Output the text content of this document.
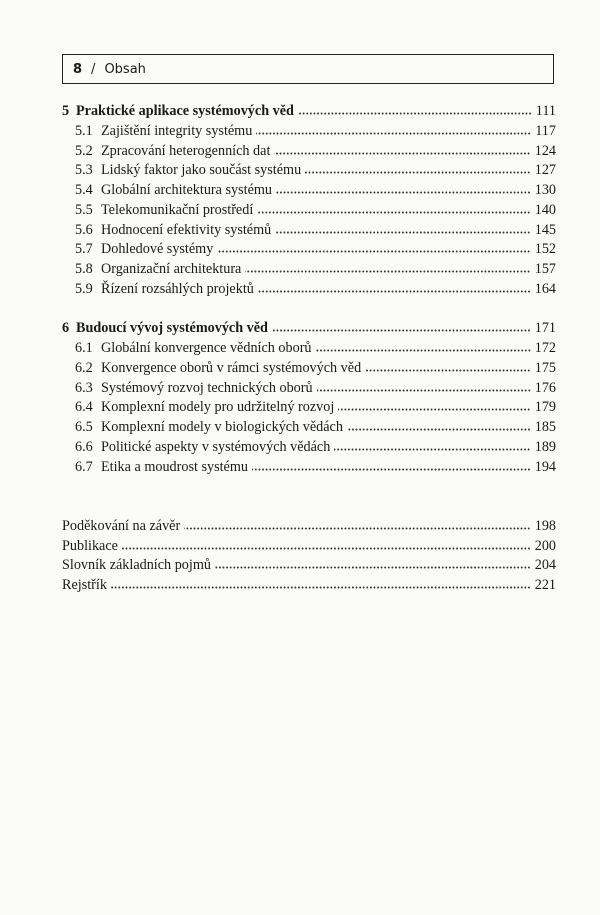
8 / Obsah
5 Praktické aplikace systémových věd	111
5.1 Zajištění integrity systému	117
5.2 Zpracování heterogenních dat	124
5.3 Lidský faktor jako součást systému	127
5.4 Globální architektura systému	130
5.5 Telekomunikační prostředí	140
5.6 Hodnocení efektivity systémů	145
5.7 Dohledové systémy	152
5.8 Organizační architektura	157
5.9 Řízení rozsáhlých projektů	164
6 Budoucí vývoj systémových věd	171
6.1 Globální konvergence vědních oborů	172
6.2 Konvergence oborů v rámci systémových věd	175
6.3 Systémový rozvoj technických oborů	176
6.4 Komplexní modely pro udržitelný rozvoj	179
6.5 Komplexní modely v biologických vědách	185
6.6 Politické aspekty v systémových vědách	189
6.7 Etika a moudrost systému	194
Poděkování na závěr	198
Publikace	200
Slovník základních pojmů	204
Rejstřík	221
